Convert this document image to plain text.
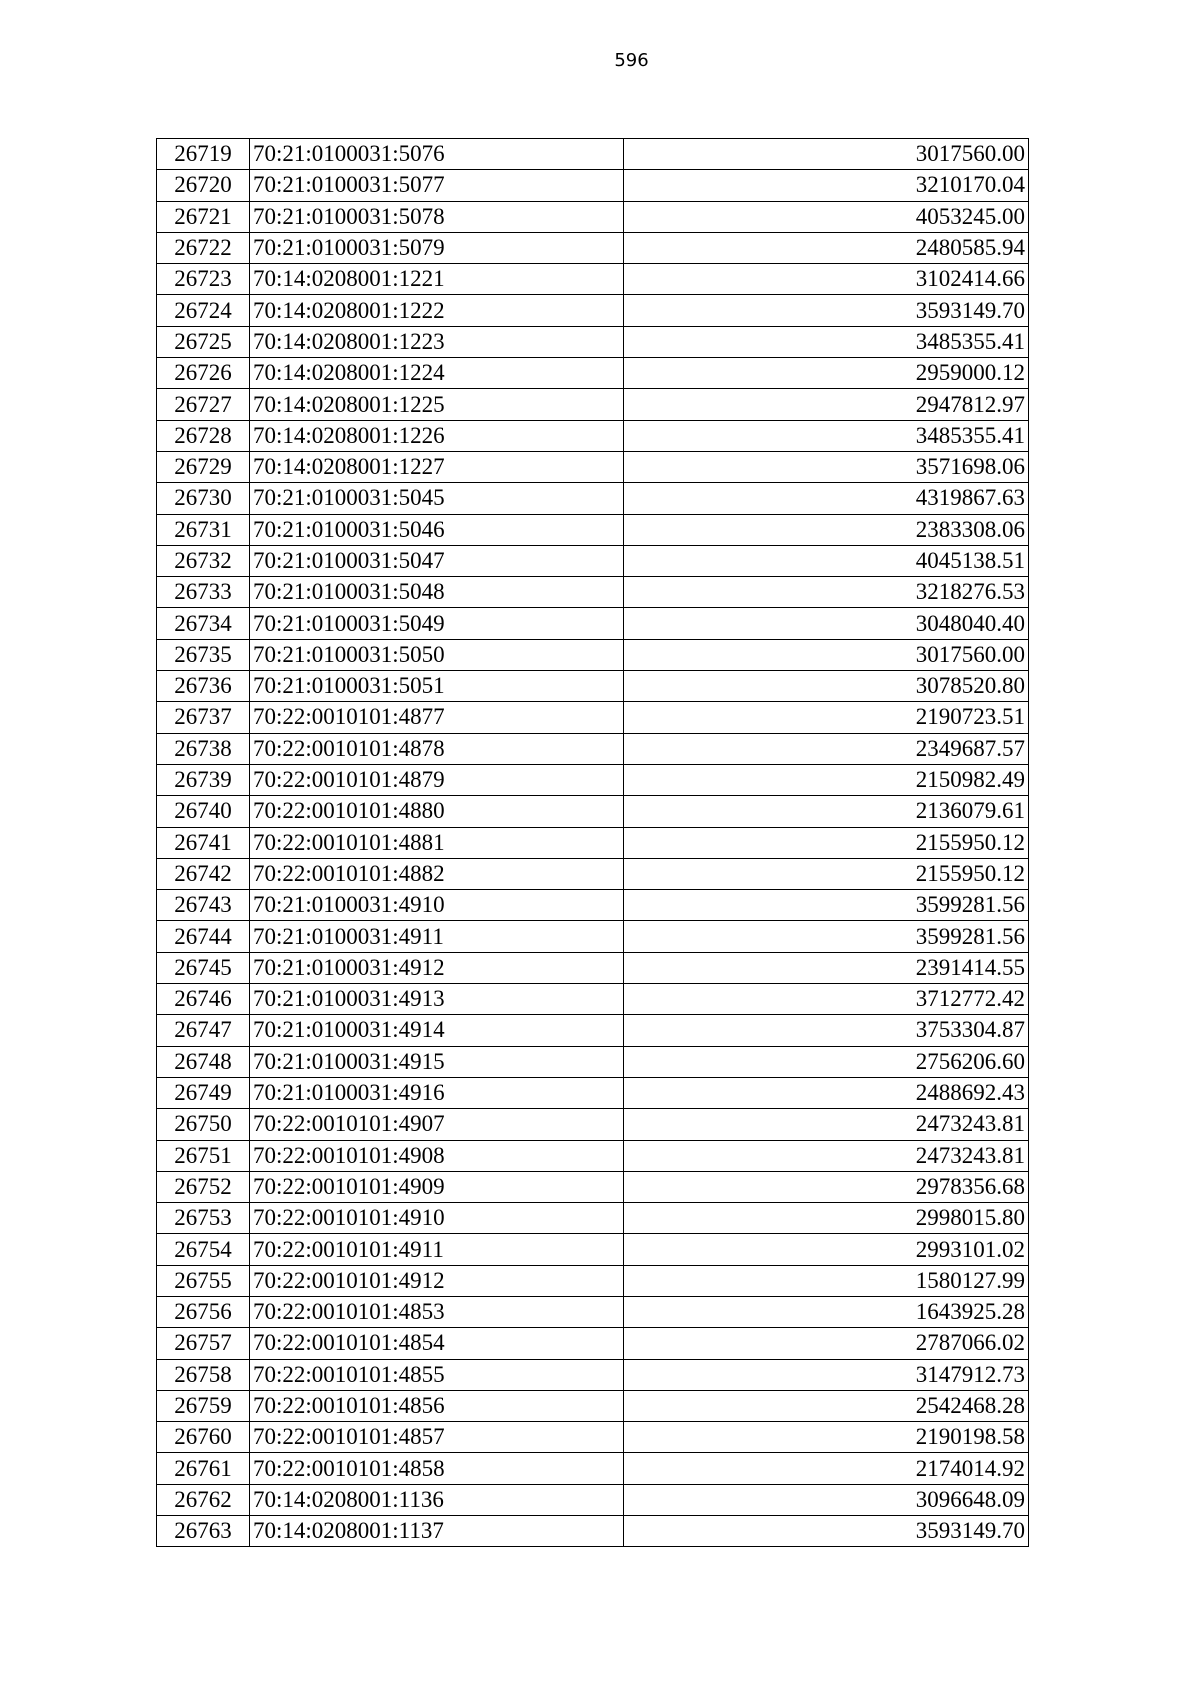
596
26719	70:21:0100031:5076	3017560.00
26720	70:21:0100031:5077	3210170.04
26721	70:21:0100031:5078	4053245.00
26722	70:21:0100031:5079	2480585.94
26723	70:14:0208001:1221	3102414.66
26724	70:14:0208001:1222	3593149.70
26725	70:14:0208001:1223	3485355.41
26726	70:14:0208001:1224	2959000.12
26727	70:14:0208001:1225	2947812.97
26728	70:14:0208001:1226	3485355.41
26729	70:14:0208001:1227	3571698.06
26730	70:21:0100031:5045	4319867.63
26731	70:21:0100031:5046	2383308.06
26732	70:21:0100031:5047	4045138.51
26733	70:21:0100031:5048	3218276.53
26734	70:21:0100031:5049	3048040.40
26735	70:21:0100031:5050	3017560.00
26736	70:21:0100031:5051	3078520.80
26737	70:22:0010101:4877	2190723.51
26738	70:22:0010101:4878	2349687.57
26739	70:22:0010101:4879	2150982.49
26740	70:22:0010101:4880	2136079.61
26741	70:22:0010101:4881	2155950.12
26742	70:22:0010101:4882	2155950.12
26743	70:21:0100031:4910	3599281.56
26744	70:21:0100031:4911	3599281.56
26745	70:21:0100031:4912	2391414.55
26746	70:21:0100031:4913	3712772.42
26747	70:21:0100031:4914	3753304.87
26748	70:21:0100031:4915	2756206.60
26749	70:21:0100031:4916	2488692.43
26750	70:22:0010101:4907	2473243.81
26751	70:22:0010101:4908	2473243.81
26752	70:22:0010101:4909	2978356.68
26753	70:22:0010101:4910	2998015.80
26754	70:22:0010101:4911	2993101.02
26755	70:22:0010101:4912	1580127.99
26756	70:22:0010101:4853	1643925.28
26757	70:22:0010101:4854	2787066.02
26758	70:22:0010101:4855	3147912.73
26759	70:22:0010101:4856	2542468.28
26760	70:22:0010101:4857	2190198.58
26761	70:22:0010101:4858	2174014.92
26762	70:14:0208001:1136	3096648.09
26763	70:14:0208001:1137	3593149.70
